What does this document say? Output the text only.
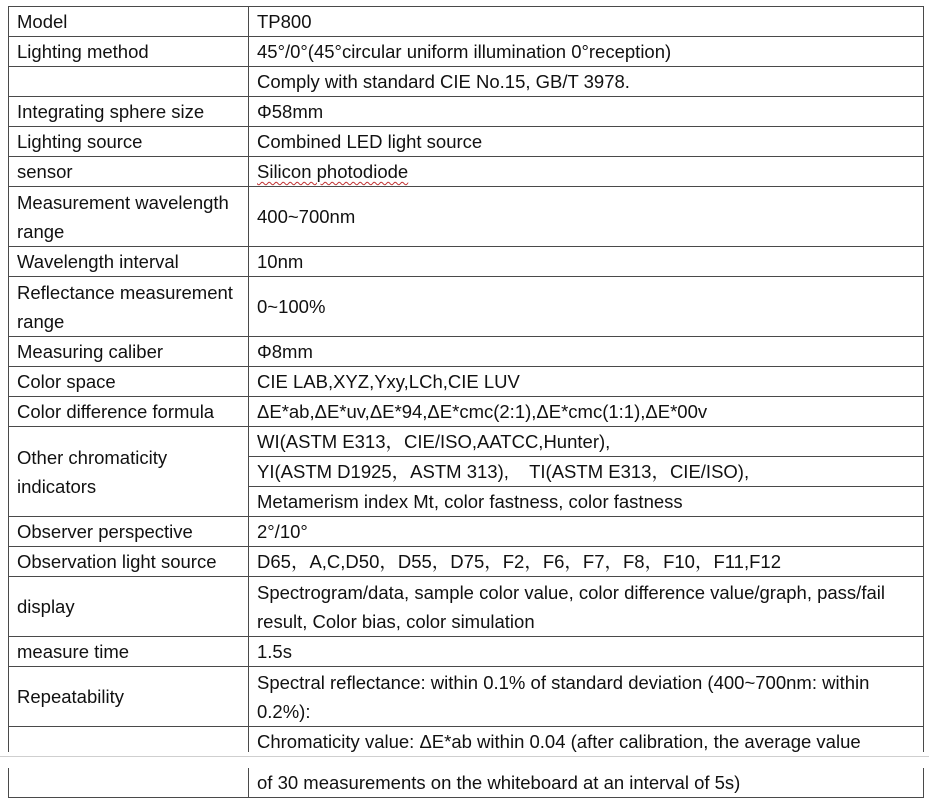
Model	TP800
Lighting method	45°/0°(45°circular uniform illumination 0°reception)
	Comply with standard CIE No.15, GB/T 3978.
Integrating sphere size	Φ58mm
Lighting source	Combined LED light source
sensor	Silicon photodiode
Measurement wavelength range	400~700nm
Wavelength interval	10nm
Reflectance measurement range	0~100%
Measuring caliber	Φ8mm
Color space	CIE LAB,XYZ,Yxy,LCh,CIE LUV
Color difference formula	ΔE*ab,ΔE*uv,ΔE*94,ΔE*cmc(2:1),ΔE*cmc(1:1),ΔE*00v
Other chromaticity indicators	WI(ASTM E313，CIE/ISO,AATCC,Hunter),
YI(ASTM D1925，ASTM 313),    TI(ASTM E313，CIE/ISO),
Metamerism index Mt, color fastness, color fastness

Observer perspective	2°/10°
Observation light source	D65，A,C,D50，D55，D75，F2，F6，F7，F8，F10，F11,F12
display	Spectrogram/data, sample color value, color difference value/graph, pass/fail result, Color bias, color simulation
measure time	1.5s
Repeatability	Spectral reflectance: within 0.1% of standard deviation (400~700nm: within 0.2%):
	Chromaticity value: ΔE*ab within 0.04 (after calibration, the average value
	of 30 measurements on the whiteboard at an interval of 5s)
